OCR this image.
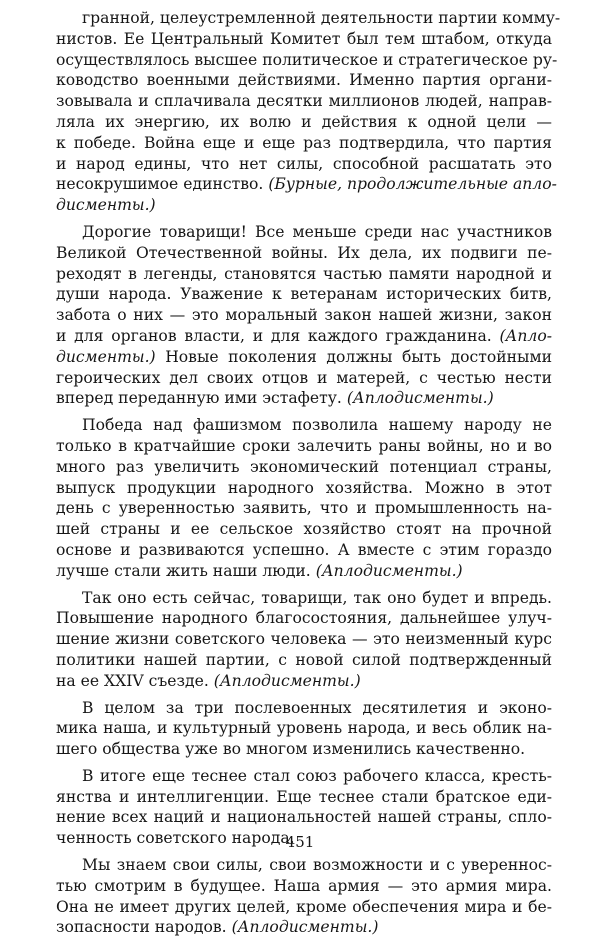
гранной, целеустремленной деятельности партии комму-
нистов. Ее Центральный Комитет был тем штабом, откуда
осуществлялось высшее политическое и стратегическое ру-
ководство военными действиями. Именно партия органи-
зовывала и сплачивала десятки миллионов людей, направ-
ляла их энергию, их волю и действия к одной цели —
к победе. Война еще и еще раз подтвердила, что партия
и народ едины, что нет силы, способной расшатать это
несокрушимое единство. (Бурные, продолжительные апло-
дисменты.)
Дорогие товарищи! Все меньше среди нас участников
Великой Отечественной войны. Их дела, их подвиги пе-
реходят в легенды, становятся частью памяти народной и
души народа. Уважение к ветеранам исторических битв,
забота о них — это моральный закон нашей жизни, закон
и для органов власти, и для каждого гражданина. (Апло-
дисменты.) Новые поколения должны быть достойными
героических дел своих отцов и матерей, с честью нести
вперед переданную ими эстафету. (Аплодисменты.)
Победа над фашизмом позволила нашему народу не
только в кратчайшие сроки залечить раны войны, но и во
много раз увеличить экономический потенциал страны,
выпуск продукции народного хозяйства. Можно в этот
день с уверенностью заявить, что и промышленность на-
шей страны и ее сельское хозяйство стоят на прочной
основе и развиваются успешно. А вместе с этим гораздо
лучше стали жить наши люди. (Аплодисменты.)
Так оно есть сейчас, товарищи, так оно будет и впредь.
Повышение народного благосостояния, дальнейшее улуч-
шение жизни советского человека — это неизменный курс
политики нашей партии, с новой силой подтвержденный
на ее XXIV съезде. (Аплодисменты.)
В целом за три послевоенных десятилетия и эконо-
мика наша, и культурный уровень народа, и весь облик на-
шего общества уже во многом изменились качественно.
В итоге еще теснее стал союз рабочего класса, кресть-
янства и интеллигенции. Еще теснее стали братское еди-
нение всех наций и национальностей нашей страны, спло-
ченность советского народа.
Мы знаем свои силы, свои возможности и с увереннос-
тью смотрим в будущее. Наша армия — это армия мира.
Она не имеет других целей, кроме обеспечения мира и бе-
зопасности народов. (Аплодисменты.)
451
